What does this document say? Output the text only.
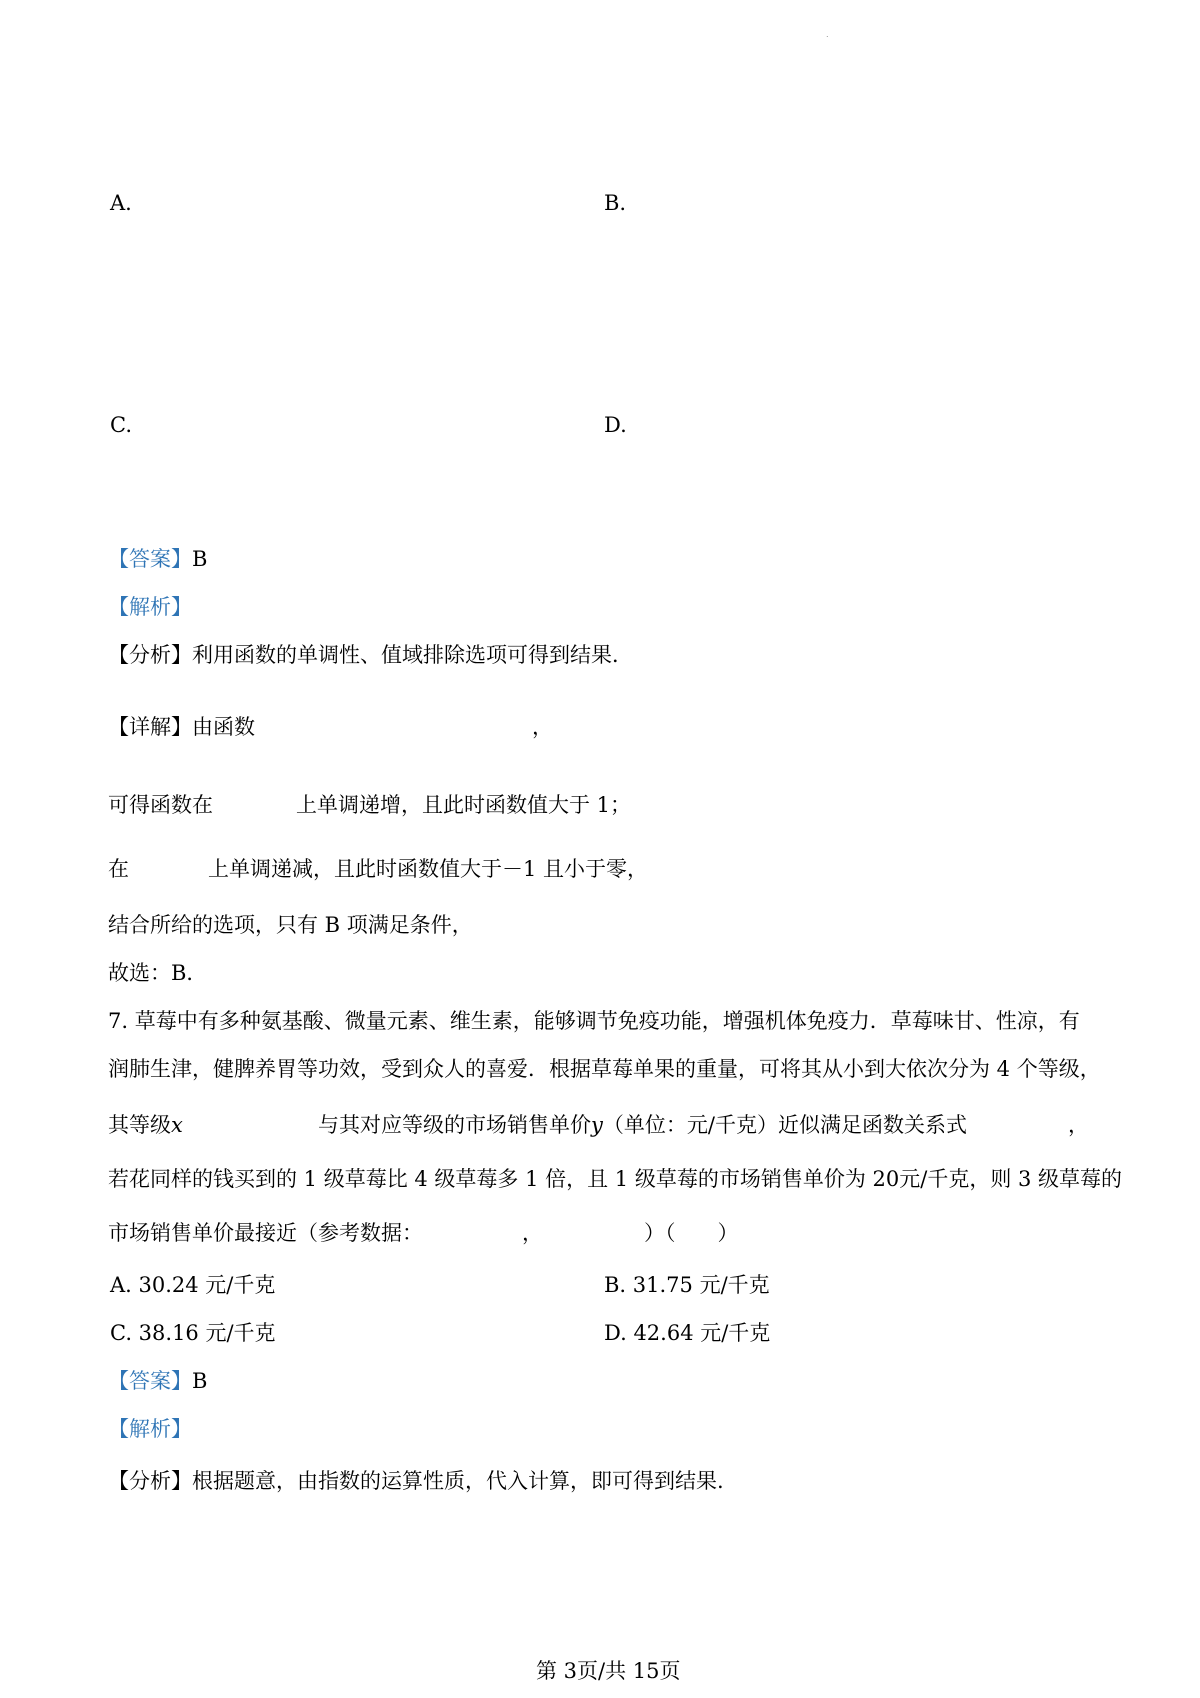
.

A.	B.

C.	D.

【答案】B

【解析】

【分析】利用函数的单调性、值域排除选项可得到结果．

【详解】由函数	，

可得函数在	上单调递增，且此时函数值大于 1；

在	上单调递减，且此时函数值大于－1 且小于零，

结合所给的选项，只有 B 项满足条件，

故选：B．

7. 草莓中有多种氨基酸、微量元素、维生素，能够调节免疫功能，增强机体免疫力．草莓味甘、性凉，有

润肺生津，健脾养胃等功效，受到众人的喜爱．根据草莓单果的重量，可将其从小到大依次分为 4 个等级，

其等级x	与其对应等级的市场销售单价y（单位：元/千克）近似满足函数关系式	，

若花同样的钱买到的 1 级草莓比 4 级草莓多 1 倍，且 1 级草莓的市场销售单价为 20元/千克，则 3 级草莓的

市场销售单价最接近（参考数据：	，	）（　　）

A. 30.24 元/千克	B. 31.75 元/千克

C. 38.16 元/千克	D. 42.64 元/千克

【答案】B

【解析】

【分析】根据题意，由指数的运算性质，代入计算，即可得到结果.

第 3页/共 15页
